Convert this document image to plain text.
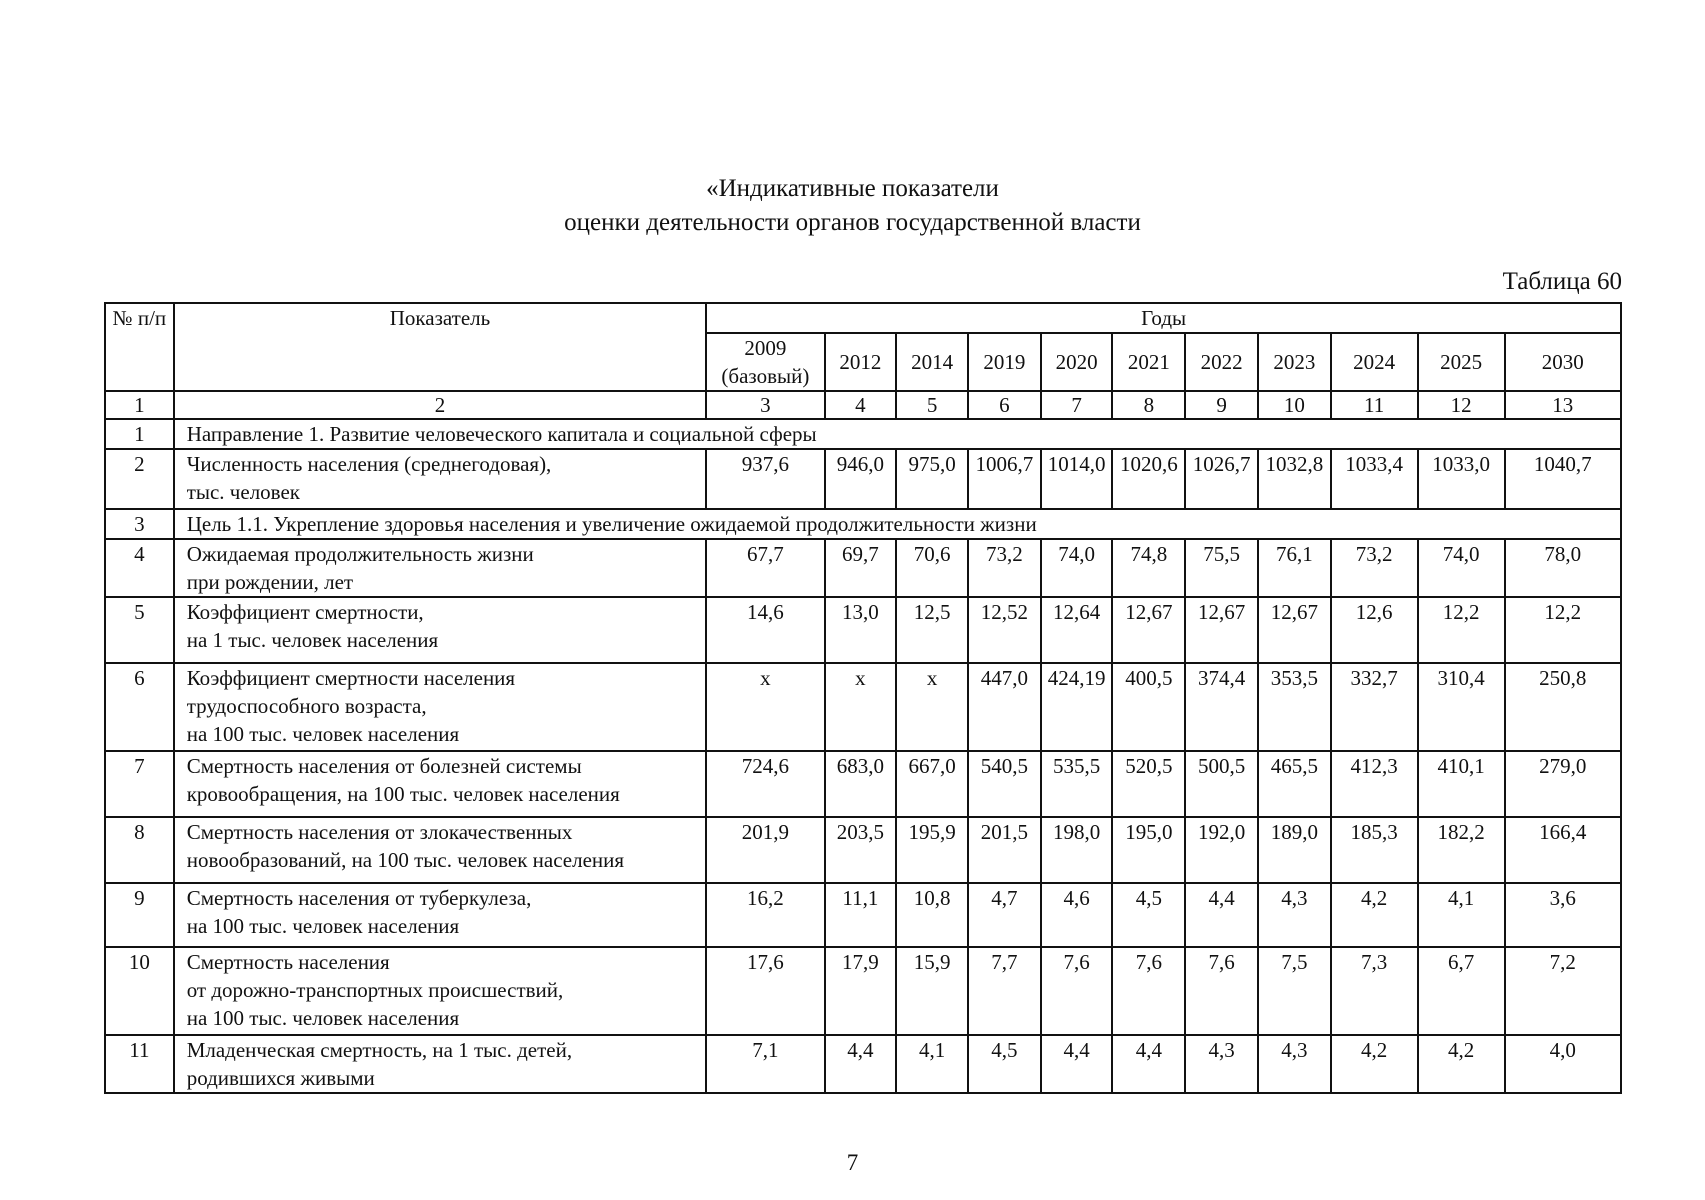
«Индикативные показатели
оценки деятельности органов государственной власти
Таблица 60
№ п/п	Показатель	Годы										
		2009 (базовый)	2012	2014	2019	2020	2021	2022	2023	2024	2025	2030
1	2	3	4	5	6	7	8	9	10	11	12	13
1	Направление 1. Развитие человеческого капитала и социальной сферы											
2	Численность населения (среднегодовая),
тыс. человек	937,6	946,0	975,0	1006,7	1014,0	1020,6	1026,7	1032,8	1033,4	1033,0	1040,7
3	Цель 1.1. Укрепление здоровья населения и увеличение ожидаемой продолжительности жизни											
4	Ожидаемая продолжительность жизни
при рождении, лет	67,7	69,7	70,6	73,2	74,0	74,8	75,5	76,1	73,2	74,0	78,0
5	Коэффициент смертности,
на 1 тыс. человек населения	14,6	13,0	12,5	12,52	12,64	12,67	12,67	12,67	12,6	12,2	12,2
6	Коэффициент смертности населения
трудоспособного возраста,
на 100 тыс. человек населения	x	x	x	447,0	424,19	400,5	374,4	353,5	332,7	310,4	250,8
7	Смертность населения от болезней системы
кровообращения, на 100 тыс. человек населения	724,6	683,0	667,0	540,5	535,5	520,5	500,5	465,5	412,3	410,1	279,0
8	Смертность населения от злокачественных
новообразований, на 100 тыс. человек населения	201,9	203,5	195,9	201,5	198,0	195,0	192,0	189,0	185,3	182,2	166,4
9	Смертность населения от туберкулеза,
на 100 тыс. человек населения	16,2	11,1	10,8	4,7	4,6	4,5	4,4	4,3	4,2	4,1	3,6
10	Смертность населения
от дорожно-транспортных происшествий,
на 100 тыс. человек населения	17,6	17,9	15,9	7,7	7,6	7,6	7,6	7,5	7,3	6,7	7,2
11	Младенческая смертность, на 1 тыс. детей,
родившихся живыми	7,1	4,4	4,1	4,5	4,4	4,4	4,3	4,3	4,2	4,2	4,0
7
